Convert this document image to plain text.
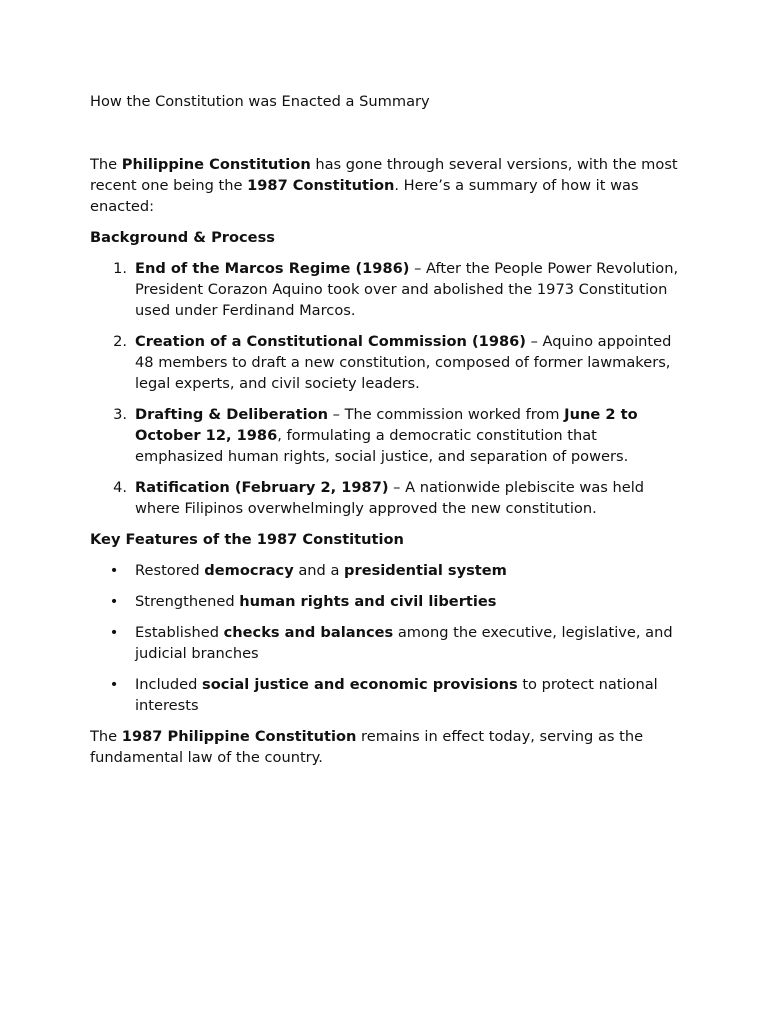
How the Constitution was Enacted a Summary

The Philippine Constitution has gone through several versions, with the most recent one being the 1987 Constitution. Here’s a summary of how it was enacted:

Background & Process

1. End of the Marcos Regime (1986) – After the People Power Revolution, President Corazon Aquino took over and abolished the 1973 Constitution used under Ferdinand Marcos.
2. Creation of a Constitutional Commission (1986) – Aquino appointed 48 members to draft a new constitution, composed of former lawmakers, legal experts, and civil society leaders.
3. Drafting & Deliberation – The commission worked from June 2 to October 12, 1986, formulating a democratic constitution that emphasized human rights, social justice, and separation of powers.
4. Ratification (February 2, 1987) – A nationwide plebiscite was held where Filipinos overwhelmingly approved the new constitution.

Key Features of the 1987 Constitution

• Restored democracy and a presidential system
• Strengthened human rights and civil liberties
• Established checks and balances among the executive, legislative, and judicial branches
• Included social justice and economic provisions to protect national interests

The 1987 Philippine Constitution remains in effect today, serving as the fundamental law of the country.
